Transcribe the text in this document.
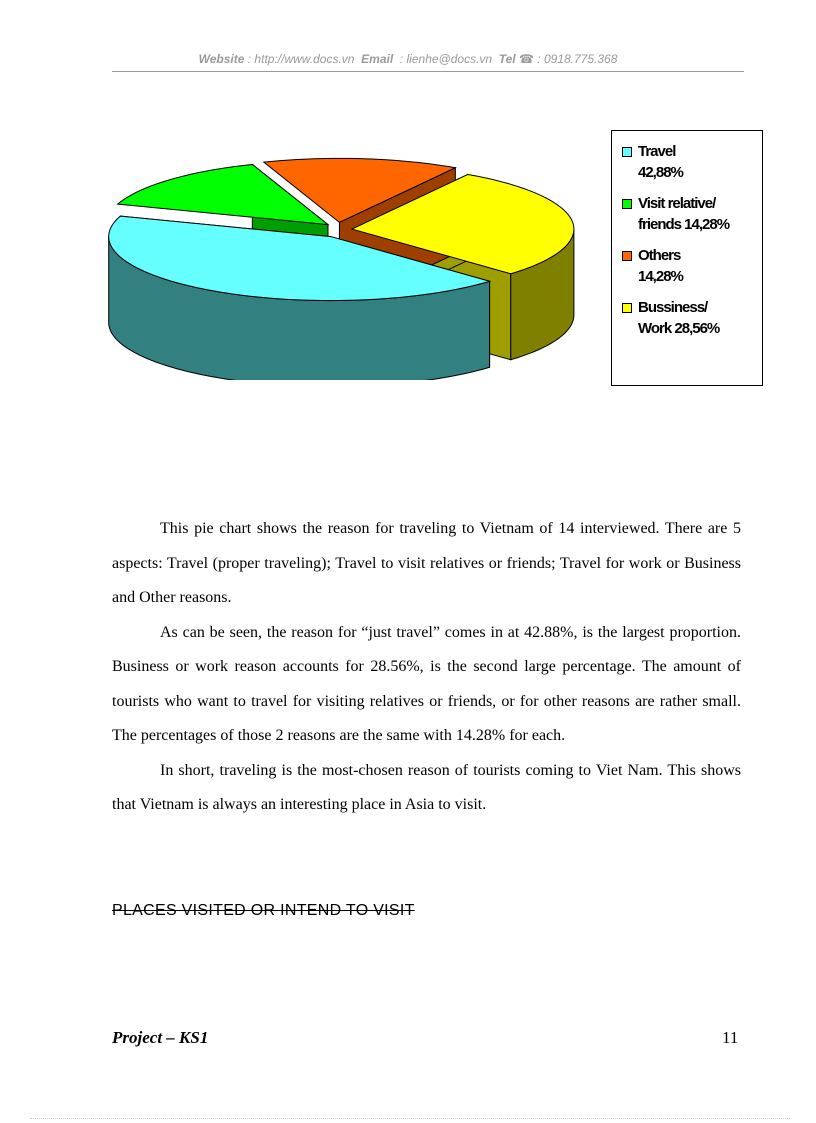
Website : http://www.docs.vn Email : lienhe@docs.vn Tel ☎ : 0918.775.368
Travel
42,88%
Visit relative/
friends 14,28%
Others
14,28%
Bussiness/
Work 28,56%

This pie chart shows the reason for traveling to Vietnam of 14 interviewed. There are 5 aspects: Travel (proper traveling); Travel to visit relatives or friends; Travel for work or Business and Other reasons.

As can be seen, the reason for “just travel” comes in at 42.88%, is the largest proportion. Business or work reason accounts for 28.56%, is the second large percentage. The amount of tourists who want to travel for visiting relatives or friends, or for other reasons are rather small. The percentages of those 2 reasons are the same with 14.28% for each.

In short, traveling is the most-chosen reason of tourists coming to Viet Nam. This shows that Vietnam is always an interesting place in Asia to visit.

PLACES VISITED OR INTEND TO VISIT
Project – KS1	11
